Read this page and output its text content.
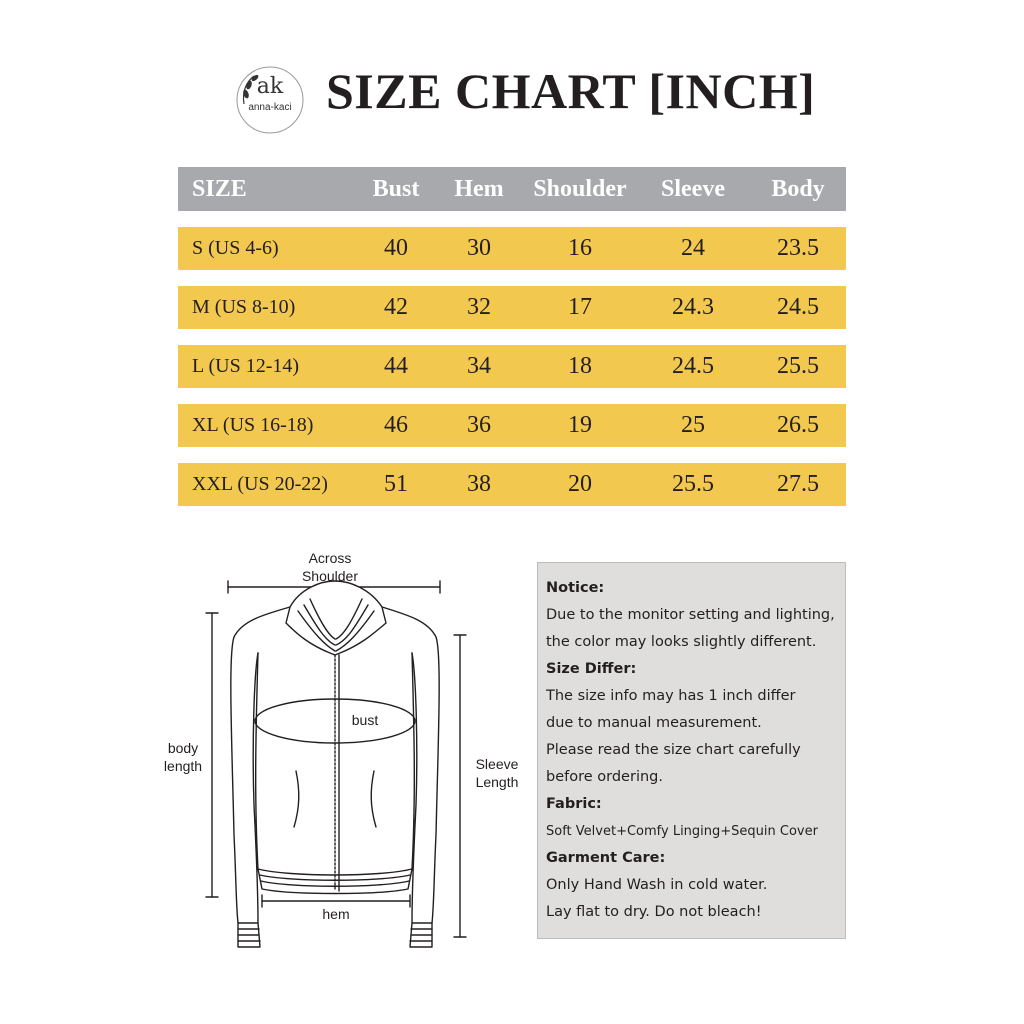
ak
anna-kaci SIZE CHART [INCH]
SIZE	Bust	Hem	Shoulder	Sleeve	Body
S (US 4-6)	40	30	16	24	23.5
M (US 8-10)	42	32	17	24.3	24.5
L (US 12-14)	44	34	18	24.5	25.5
XL (US 16-18)	46	36	19	25	26.5
XXL (US 20-22)	51	38	20	25.5	27.5
Across
Shoulder
bust
body
length	Sleeve
Length
hem
Notice:
Due to the monitor setting and lighting,
the color may looks slightly different.
Size Differ:
The size info may has 1 inch differ
due to manual measurement.
Please read the size chart carefully
before ordering.
Fabric:
Soft Velvet+Comfy Linging+Sequin Cover
Garment Care:
Only Hand Wash in cold water.
Lay flat to dry. Do not bleach!
